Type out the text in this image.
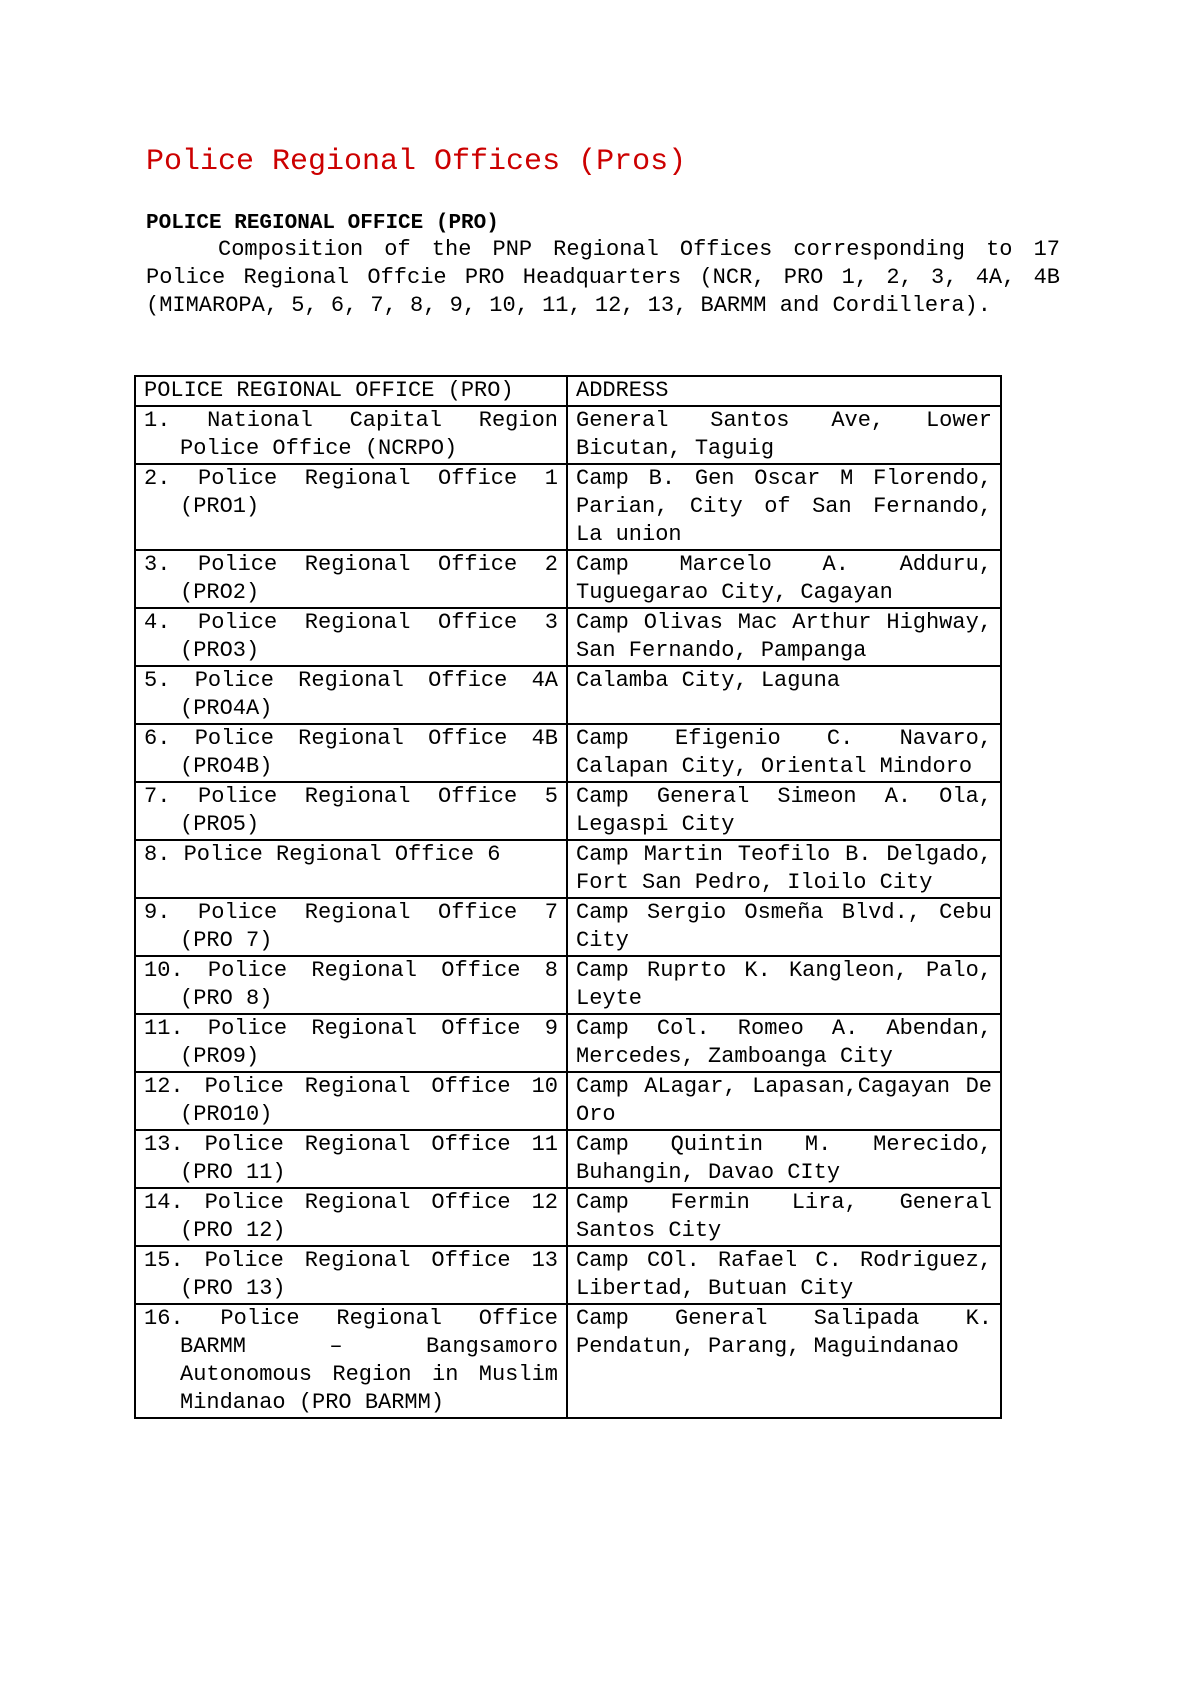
Police Regional Offices (Pros)
POLICE REGIONAL OFFICE (PRO)

Composition of the PNP Regional Offices corresponding to 17 Police Regional Offcie PRO Headquarters (NCR, PRO 1, 2, 3, 4A, 4B (MIMAROPA, 5, 6, 7, 8, 9, 10, 11, 12, 13, BARMM and Cordillera).

POLICE REGIONAL OFFICE (PRO)	ADDRESS
1. National Capital Region Police Office (NCRPO)	General Santos Ave, Lower Bicutan, Taguig
2. Police Regional Office 1 (PRO1)	Camp B. Gen Oscar M Florendo, Parian, City of San Fernando, La union
3. Police Regional Office 2 (PRO2)	Camp Marcelo A. Adduru, Tuguegarao City, Cagayan
4. Police Regional Office 3 (PRO3)	Camp Olivas Mac Arthur Highway, San Fernando, Pampanga
5. Police Regional Office 4A (PRO4A)	Calamba City, Laguna
6. Police Regional Office 4B (PRO4B)	Camp Efigenio C. Navaro, Calapan City, Oriental Mindoro
7. Police Regional Office 5 (PRO5)	Camp General Simeon A. Ola, Legaspi City
8. Police Regional Office 6	Camp Martin Teofilo B. Delgado, Fort San Pedro, Iloilo City
9. Police Regional Office 7 (PRO 7)	Camp Sergio Osmeña Blvd., Cebu City
10. Police Regional Office 8 (PRO 8)	Camp Ruprto K. Kangleon, Palo, Leyte
11. Police Regional Office 9 (PRO9)	Camp Col. Romeo A. Abendan, Mercedes, Zamboanga City
12. Police Regional Office 10 (PRO10)	Camp ALagar, Lapasan,Cagayan De Oro
13. Police Regional Office 11 (PRO 11)	Camp Quintin M. Merecido, Buhangin, Davao CIty
14. Police Regional Office 12 (PRO 12)	Camp Fermin Lira, General Santos City
15. Police Regional Office 13 (PRO 13)	Camp COl. Rafael C. Rodriguez, Libertad, Butuan City
16. Police Regional Office BARMM – Bangsamoro Autonomous Region in Muslim Mindanao (PRO BARMM)	Camp General Salipada K. Pendatun, Parang, Maguindanao
